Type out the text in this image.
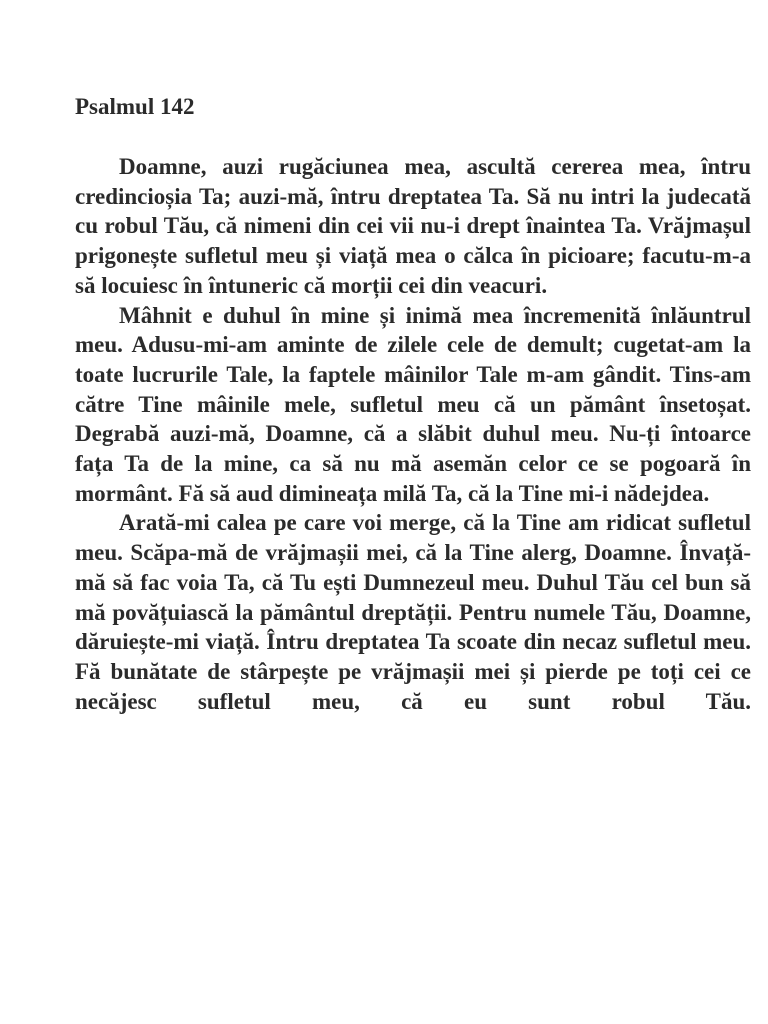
Psalmul 142

Doamne, auzi rugăciunea mea, ascultă cererea mea, întru credincioșia Ta; auzi-mă, întru dreptatea Ta. Să nu intri la judecată cu robul Tău, că nimeni din cei vii nu-i drept înaintea Ta. Vrăjmașul prigonește sufletul meu și viață mea o călca în picioare; facutu-m-a să locuiesc în întuneric că morții cei din veacuri.

Mâhnit e duhul în mine și inimă mea încremenită înlăuntrul meu. Adusu-mi-am aminte de zilele cele de demult; cugetat-am la toate lucrurile Tale, la faptele mâinilor Tale m-am gândit. Tins-am către Tine mâinile mele, sufletul meu că un pământ însetoșat. Degrabă auzi-mă, Doamne, că a slăbit duhul meu. Nu-ți întoarce fața Ta de la mine, ca să nu mă asemăn celor ce se pogoară în mormânt. Fă să aud dimineața milă Ta, că la Tine mi-i nădejdea.

Arată-mi calea pe care voi merge, că la Tine am ridicat sufletul meu. Scăpa-mă de vrăjmașii mei, că la Tine alerg, Doamne. Învață-mă să fac voia Ta, că Tu ești Dumnezeul meu. Duhul Tău cel bun să mă povățuiască la pământul dreptății. Pentru numele Tău, Doamne, dăruiește-mi viață. Întru dreptatea Ta scoate din necaz sufletul meu. Fă bunătate de stârpește pe vrăjmașii mei și pierde pe toți cei ce necăjesc sufletul meu, că eu sunt robul Tău.
